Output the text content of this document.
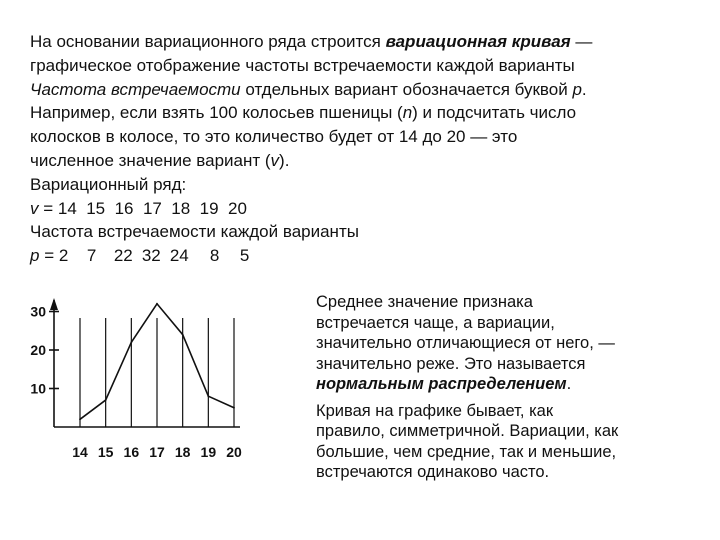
На основании вариационного ряда строится вариационная кривая —
графическое отображение частоты встречаемости каждой варианты
Частота встречаемости отдельных вариант обозначается буквой р.
Например, если взять 100 колосьев пшеницы (n) и подсчитать число
колосков в колосе, то это количество будет от 14 до 20 — это
численное значение вариант (v).
Вариационный ряд:
v = 14  15  16  17  18  19  20
Частота встречаемости каждой варианты
p = 2 7 22 32 24 8 5
10
20
30
14 15 16 17 18 19 20
Среднее значение признака
встречается чаще, а вариации,
значительно отличающиеся от него, —
значительно реже. Это называется
нормальным распределением.
Кривая на графике бывает, как
правило, симметричной. Вариации, как
большие, чем средние, так и меньшие,
встречаются одинаково часто.
